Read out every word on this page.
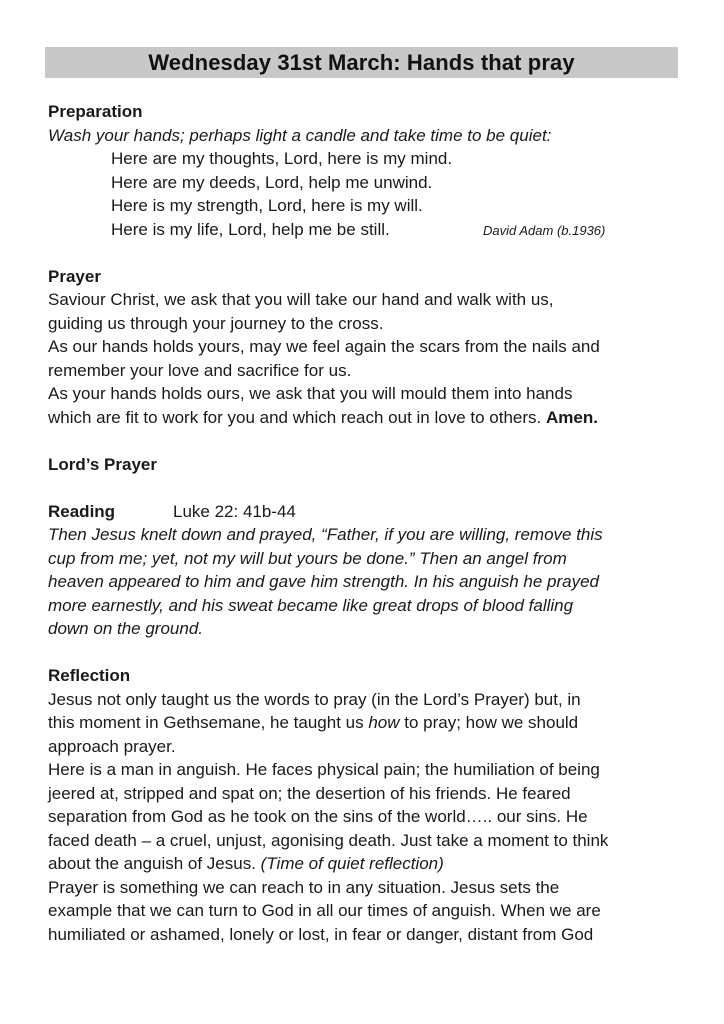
Wednesday 31st March: Hands that pray

Preparation

Wash your hands; perhaps light a candle and take time to be quiet:

Here are my thoughts, Lord, here is my mind.

Here are my deeds, Lord, help me unwind.

Here is my strength, Lord, here is my will.

Here is my life, Lord, help me be still.	David Adam (b.1936)

Prayer

Saviour Christ, we ask that you will take our hand and walk with us,

guiding us through your journey to the cross.

As our hands holds yours, may we feel again the scars from the nails and

remember your love and sacrifice for us.

As your hands holds ours, we ask that you will mould them into hands

which are fit to work for you and which reach out in love to others. Amen.

Lord’s Prayer

Reading	Luke 22: 41b-44

Then Jesus knelt down and prayed, “Father, if you are willing, remove this

cup from me; yet, not my will but yours be done.” Then an angel from

heaven appeared to him and gave him strength. In his anguish he prayed

more earnestly, and his sweat became like great drops of blood falling

down on the ground.

Reflection

Jesus not only taught us the words to pray (in the Lord’s Prayer) but, in

this moment in Gethsemane, he taught us how to pray; how we should

approach prayer.

Here is a man in anguish. He faces physical pain; the humiliation of being

jeered at, stripped and spat on; the desertion of his friends. He feared

separation from God as he took on the sins of the world….. our sins. He

faced death – a cruel, unjust, agonising death. Just take a moment to think

about the anguish of Jesus. (Time of quiet reflection)

Prayer is something we can reach to in any situation. Jesus sets the

example that we can turn to God in all our times of anguish. When we are

humiliated or ashamed, lonely or lost, in fear or danger, distant from God
